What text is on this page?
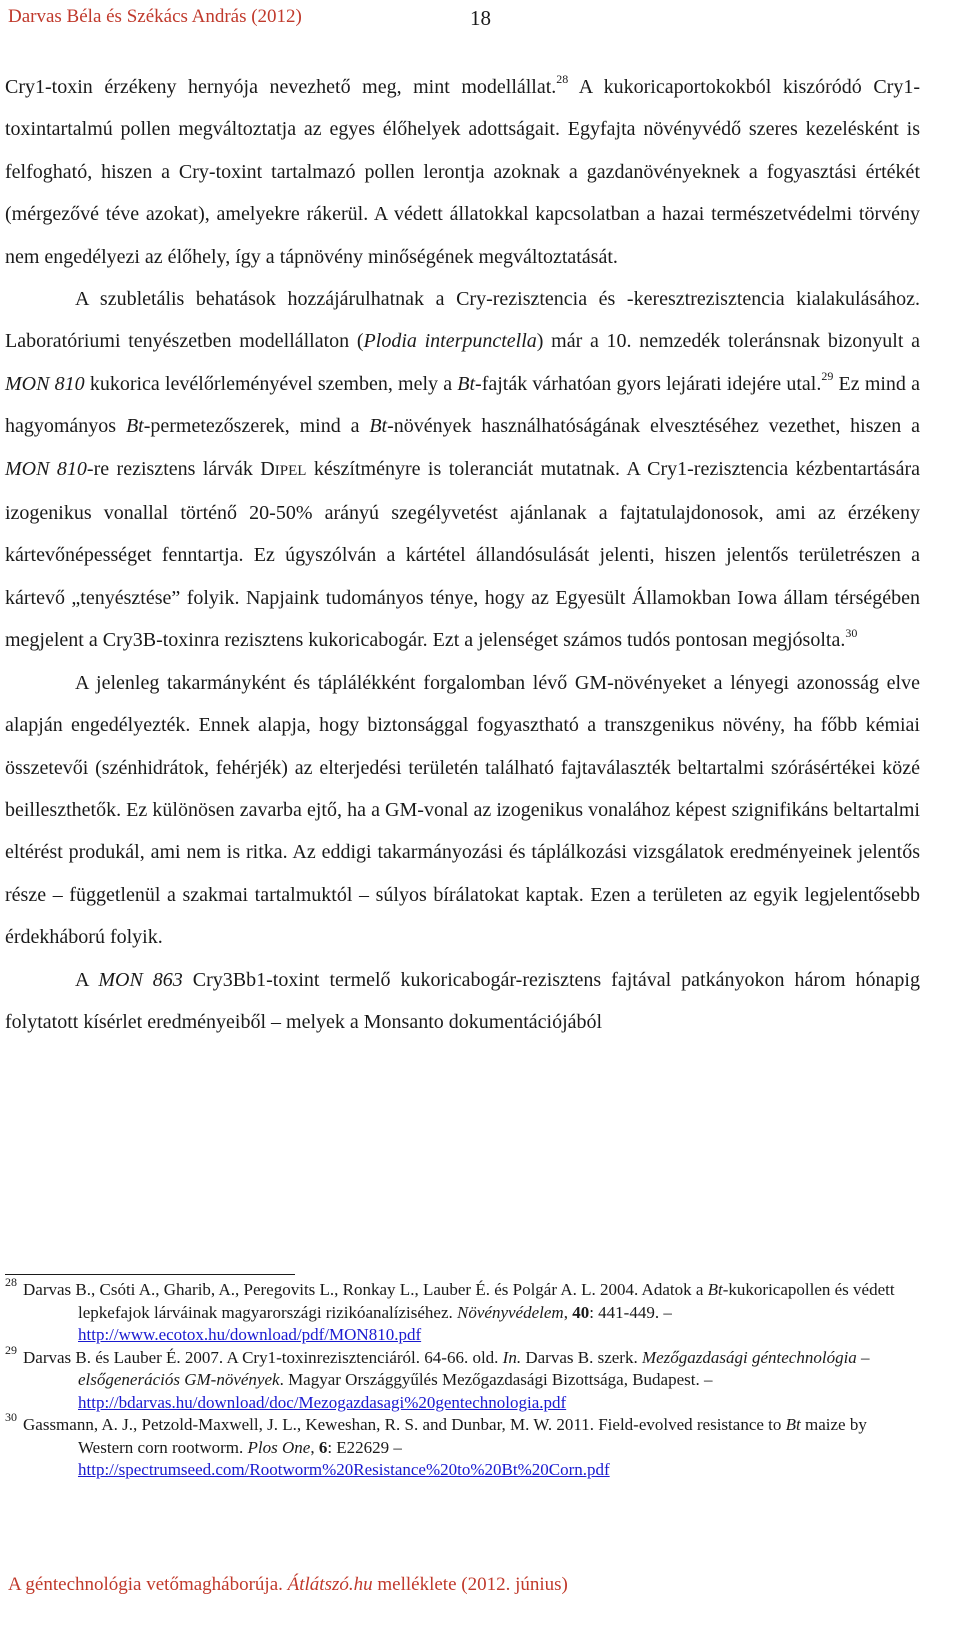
Darvas Béla és Székács András (2012)	18

Cry1-toxin érzékeny hernyója nevezhető meg, mint modellállat.$^{28}$ A kukoricaportokokból kiszóródó Cry1-toxintartalmú pollen megváltoztatja az egyes élőhelyek adottságait. Egyfajta növényvédő szeres kezelésként is felfogható, hiszen a Cry-toxint tartalmazó pollen lerontja azoknak a gazdanövényeknek a fogyasztási értékét (mérgezővé téve azokat), amelyekre rákerül. A védett állatokkal kapcsolatban a hazai természetvédelmi törvény nem engedélyezi az élőhely, így a tápnövény minőségének megváltoztatását.

A szubletális behatások hozzájárulhatnak a Cry-rezisztencia és -keresztrezisztencia kialakulásához. Laboratóriumi tenyészetben modellállaton (Plodia interpunctella) már a 10. nemzedék toleránsnak bizonyult a MON 810 kukorica levélőrleményével szemben, mely a Bt-fajták várhatóan gyors lejárati idejére utal.$^{29}$ Ez mind a hagyományos Bt-permetezőszerek, mind a Bt-növények használhatóságának elvesztéséhez vezethet, hiszen a MON 810-re rezisztens lárvák DIPEL készítményre is toleranciát mutatnak. A Cry1-rezisztencia kézbentartására izogenikus vonallal történő 20-50% arányú szegélyvetést ajánlanak a fajtatulajdonosok, ami az érzékeny kártevőnépességet fenntartja. Ez úgyszólván a kártétel állandósulását jelenti, hiszen jelentős területrészen a kártevő „tenyésztése” folyik. Napjaink tudományos ténye, hogy az Egyesült Államokban Iowa állam térségében megjelent a Cry3B-toxinra rezisztens kukoricabogár. Ezt a jelenséget számos tudós pontosan megjósolta.$^{30}$

A jelenleg takarmányként és táplálékként forgalomban lévő GM-növényeket a lényegi azonosság elve alapján engedélyezték. Ennek alapja, hogy biztonsággal fogyasztható a transzgenikus növény, ha főbb kémiai összetevői (szénhidrátok, fehérjék) az elterjedési területén található fajtaválaszték beltartalmi szórásértékei közé beilleszthetők. Ez különösen zavarba ejtő, ha a GM-vonal az izogenikus vonalához képest szignifikáns beltartalmi eltérést produkál, ami nem is ritka. Az eddigi takarmányozási és táplálkozási vizsgálatok eredményeinek jelentős része – függetlenül a szakmai tartalmuktól – súlyos bírálatokat kaptak. Ezen a területen az egyik legjelentősebb érdekháború folyik.

A MON 863 Cry3Bb1-toxint termelő kukoricabogár-rezisztens fajtával patkányokon három hónapig folytatott kísérlet eredményeiből – melyek a Monsanto dokumentációjából

$^{28}$ Darvas B., Csóti A., Gharib, A., Peregovits L., Ronkay L., Lauber É. és Polgár A. L. 2004. Adatok a Bt-kukoricapollen és védett lepkefajok lárváinak magyarországi rizikóanalíziséhez. Növényvédelem, 40: 441-449. – http://www.ecotox.hu/download/pdf/MON810.pdf
$^{29}$ Darvas B. és Lauber É. 2007. A Cry1-toxinrezisztenciáról. 64-66. old. In. Darvas B. szerk. Mezőgazdasági géntechnológia – elsőgenerációs GM-növények. Magyar Országgyűlés Mezőgazdasági Bizottsága, Budapest. – http://bdarvas.hu/download/doc/Mezogazdasagi%20gentechnologia.pdf
$^{30}$ Gassmann, A. J., Petzold-Maxwell, J. L., Keweshan, R. S. and Dunbar, M. W. 2011. Field-evolved resistance to Bt maize by Western corn rootworm. Plos One, 6: E22629 – http://spectrumseed.com/Rootworm%20Resistance%20to%20Bt%20Corn.pdf
A géntechnológia vetőmagháborúja. Átlátszó.hu melléklete (2012. június)
